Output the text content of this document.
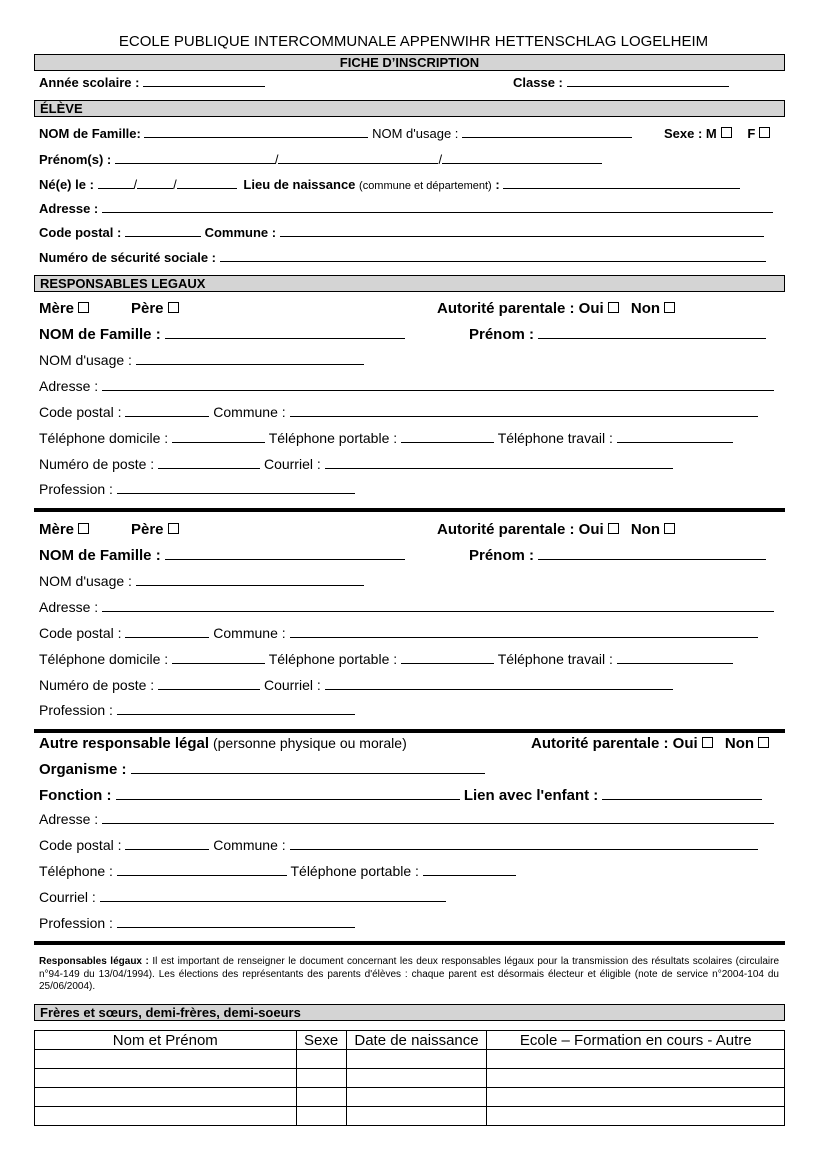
ECOLE PUBLIQUE INTERCOMMUNALE APPENWIHR HETTENSCHLAG LOGELHEIM
FICHE D’INSCRIPTION
Année scolaire :	Classe :
ÉLÈVE
NOM de Famille:	NOM d'usage :	Sexe : M F
Prénom(s) :	/	/
Né(e) le :	/	/	Lieu de naissance (commune et département) :
Adresse :
Code postal :	Commune :
Numéro de sécurité sociale :
RESPONSABLES LEGAUX
Mère	Père	Autorité parentale : Oui Non
NOM de Famille :	Prénom :
NOM d'usage :
Adresse :
Code postal :	Commune :
Téléphone domicile :	Téléphone portable :	Téléphone travail :
Numéro de poste :	Courriel :
Profession :
Mère	Père	Autorité parentale : Oui Non
NOM de Famille :	Prénom :
NOM d'usage :
Adresse :
Code postal :	Commune :
Téléphone domicile :	Téléphone portable :	Téléphone travail :
Numéro de poste :	Courriel :
Profession :
Autre responsable légal (personne physique ou morale)	Autorité parentale : Oui Non
Organisme :
Fonction :	Lien avec l'enfant :
Adresse :
Code postal :	Commune :
Téléphone :	Téléphone portable :
Courriel :
Profession :
Responsables légaux : Il est important de renseigner le document concernant les deux responsables légaux pour la transmission des résultats scolaires (circulaire n°94-149 du 13/04/1994). Les élections des représentants des parents d'élèves : chaque parent est désormais électeur et éligible (note de service n°2004-104 du 25/06/2004).
Frères et sœurs, demi-frères, demi-soeurs
Nom et Prénom	Sexe	Date de naissance	Ecole – Formation en cours - Autre
